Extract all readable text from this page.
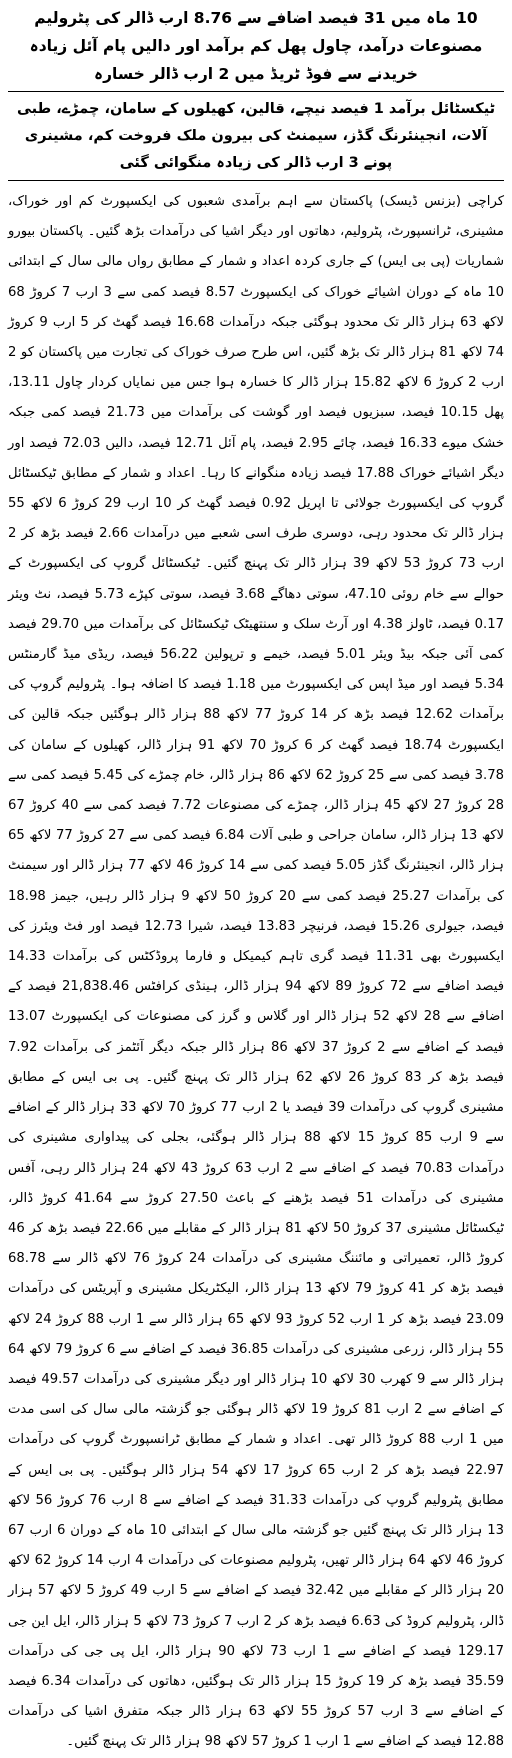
10 ماہ میں 31 فیصد اضافے سے 8.76 ارب ڈالر کی پٹرولیم مصنوعات درآمد، چاول پھل کم برآمد اور دالیں پام آئل زیادہ خریدنے سے فوڈ ٹریڈ میں 2 ارب ڈالر خسارہ
ٹیکسٹائل برآمد 1 فیصد نیچے، قالین، کھیلوں کے سامان، چمڑے، طبی آلات، انجینئرنگ گڈز، سیمنٹ کی بیرون ملک فروخت کم، مشینری پونے 3 ارب ڈالر کی زیادہ منگوائی گئی

کراچی (بزنس ڈیسک) پاکستان سے اہم برآمدی شعبوں کی ایکسپورٹ کم اور خوراک، مشینری، ٹرانسپورٹ، پٹرولیم، دھاتوں اور دیگر اشیا کی درآمدات بڑھ گئیں۔ پاکستان بیورو شماریات (پی بی ایس) کے جاری کردہ اعداد و شمار کے مطابق رواں مالی سال کے ابتدائی 10 ماہ کے دوران اشیائے خوراک کی ایکسپورٹ 8.57 فیصد کمی سے 3 ارب 7 کروڑ 68 لاکھ 63 ہزار ڈالر تک محدود ہوگئی جبکہ درآمدات 16.68 فیصد گھٹ کر 5 ارب 9 کروڑ 74 لاکھ 81 ہزار ڈالر تک بڑھ گئیں، اس طرح صرف خوراک کی تجارت میں پاکستان کو 2 ارب 2 کروڑ 6 لاکھ 15.82 ہزار ڈالر کا خسارہ ہوا جس میں نمایاں کردار چاول 13.11، پھل 10.15 فیصد، سبزیوں فیصد اور گوشت کی برآمدات میں 21.73 فیصد کمی جبکہ خشک میوے 16.33 فیصد، چائے 2.95 فیصد، پام آئل 12.71 فیصد، دالیں 72.03 فیصد اور دیگر اشیائے خوراک 17.88 فیصد زیادہ منگوانے کا رہا۔ اعداد و شمار کے مطابق ٹیکسٹائل گروپ کی ایکسپورٹ جولائی تا اپریل 0.92 فیصد گھٹ کر 10 ارب 29 کروڑ 6 لاکھ 55 ہزار ڈالر تک محدود رہی، دوسری طرف اسی شعبے میں درآمدات 2.66 فیصد بڑھ کر 2 ارب 73 کروڑ 53 لاکھ 39 ہزار ڈالر تک پہنچ گئیں۔ ٹیکسٹائل گروپ کی ایکسپورٹ کے حوالے سے خام روئی 47.10، سوتی دھاگے 3.68 فیصد، سوتی کپڑے 5.73 فیصد، نٹ ویئر 0.17 فیصد، ٹاولز 4.38 اور آرٹ سلک و سنتھیٹک ٹیکسٹائل کی برآمدات میں 29.70 فیصد کمی آئی جبکہ بیڈ ویئر 5.01 فیصد، خیمے و ترپولین 56.22 فیصد، ریڈی میڈ گارمنٹس 5.34 فیصد اور میڈ اپس کی ایکسپورٹ میں 1.18 فیصد کا اضافہ ہوا۔ پٹرولیم گروپ کی برآمدات 12.62 فیصد بڑھ کر 14 کروڑ 77 لاکھ 88 ہزار ڈالر ہوگئیں جبکہ قالین کی ایکسپورٹ 18.74 فیصد گھٹ کر 6 کروڑ 70 لاکھ 91 ہزار ڈالر، کھیلوں کے سامان کی 3.78 فیصد کمی سے 25 کروڑ 62 لاکھ 86 ہزار ڈالر، خام چمڑے کی 5.45 فیصد کمی سے 28 کروڑ 27 لاکھ 45 ہزار ڈالر، چمڑے کی مصنوعات 7.72 فیصد کمی سے 40 کروڑ 67 لاکھ 13 ہزار ڈالر، سامان جراحی و طبی آلات 6.84 فیصد کمی سے 27 کروڑ 77 لاکھ 65 ہزار ڈالر، انجینئرنگ گڈز 5.05 فیصد کمی سے 14 کروڑ 46 لاکھ 77 ہزار ڈالر اور سیمنٹ کی برآمدات 25.27 فیصد کمی سے 20 کروڑ 50 لاکھ 9 ہزار ڈالر رہیں، جیمز 18.98 فیصد، جیولری 15.26 فیصد، فرنیچر 13.83 فیصد، شیرا 12.73 فیصد اور فٹ ویئرز کی ایکسپورٹ بھی 11.31 فیصد گری تاہم کیمیکل و فارما پروڈکٹس کی برآمدات 14.33 فیصد اضافے سے 72 کروڑ 89 لاکھ 94 ہزار ڈالر، ہینڈی کرافٹس 21,838.46 فیصد کے اضافے سے 28 لاکھ 52 ہزار ڈالر اور گلاس و گرز کی مصنوعات کی ایکسپورٹ 13.07 فیصد کے اضافے سے 2 کروڑ 37 لاکھ 86 ہزار ڈالر جبکہ دیگر آئٹمز کی برآمدات 7.92 فیصد بڑھ کر 83 کروڑ 26 لاکھ 62 ہزار ڈالر تک پہنچ گئیں۔ پی بی ایس کے مطابق مشینری گروپ کی درآمدات 39 فیصد یا 2 ارب 77 کروڑ 70 لاکھ 33 ہزار ڈالر کے اضافے سے 9 ارب 85 کروڑ 15 لاکھ 88 ہزار ڈالر ہوگئی، بجلی کی پیداواری مشینری کی درآمدات 70.83 فیصد کے اضافے سے 2 ارب 63 کروڑ 43 لاکھ 24 ہزار ڈالر رہی، آفس مشینری کی درآمدات 51 فیصد بڑھنے کے باعث 27.50 کروڑ سے 41.64 کروڑ ڈالر، ٹیکسٹائل مشینری 37 کروڑ 50 لاکھ 81 ہزار ڈالر کے مقابلے میں 22.66 فیصد بڑھ کر 46 کروڑ ڈالر، تعمیراتی و مائننگ مشینری کی درآمدات 24 کروڑ 76 لاکھ ڈالر سے 68.78 فیصد بڑھ کر 41 کروڑ 79 لاکھ 13 ہزار ڈالر، الیکٹریکل مشینری و آپریٹس کی درآمدات 23.09 فیصد بڑھ کر 1 ارب 52 کروڑ 93 لاکھ 65 ہزار ڈالر سے 1 ارب 88 کروڑ 24 لاکھ 55 ہزار ڈالر، زرعی مشینری کی درآمدات 36.85 فیصد کے اضافے سے 6 کروڑ 79 لاکھ 64 ہزار ڈالر سے 9 کھرب 30 لاکھ 10 ہزار ڈالر اور دیگر مشینری کی درآمدات 49.57 فیصد کے اضافے سے 2 ارب 81 کروڑ 19 لاکھ ڈالر ہوگئی جو گزشتہ مالی سال کی اسی مدت میں 1 ارب 88 کروڑ ڈالر تھی۔ اعداد و شمار کے مطابق ٹرانسپورٹ گروپ کی درآمدات 22.97 فیصد بڑھ کر 2 ارب 65 کروڑ 17 لاکھ 54 ہزار ڈالر ہوگئیں۔ پی بی ایس کے مطابق پٹرولیم گروپ کی درآمدات 31.33 فیصد کے اضافے سے 8 ارب 76 کروڑ 56 لاکھ 13 ہزار ڈالر تک پہنچ گئیں جو گزشتہ مالی سال کے ابتدائی 10 ماہ کے دوران 6 ارب 67 کروڑ 46 لاکھ 64 ہزار ڈالر تھیں، پٹرولیم مصنوعات کی درآمدات 4 ارب 14 کروڑ 62 لاکھ 20 ہزار ڈالر کے مقابلے میں 32.42 فیصد کے اضافے سے 5 ارب 49 کروڑ 5 لاکھ 57 ہزار ڈالر، پٹرولیم کروڈ کی 6.63 فیصد بڑھ کر 2 ارب 7 کروڑ 73 لاکھ 5 ہزار ڈالر، ایل این جی 129.17 فیصد کے اضافے سے 1 ارب 73 لاکھ 90 ہزار ڈالر، ایل پی جی کی درآمدات 35.59 فیصد بڑھ کر 19 کروڑ 15 ہزار ڈالر تک ہوگئیں، دھاتوں کی درآمدات 6.34 فیصد کے اضافے سے 3 ارب 57 کروڑ 55 لاکھ 63 ہزار ڈالر جبکہ متفرق اشیا کی درآمدات 12.88 فیصد کے اضافے سے 1 ارب 1 کروڑ 57 لاکھ 98 ہزار ڈالر تک پہنچ گئیں۔
